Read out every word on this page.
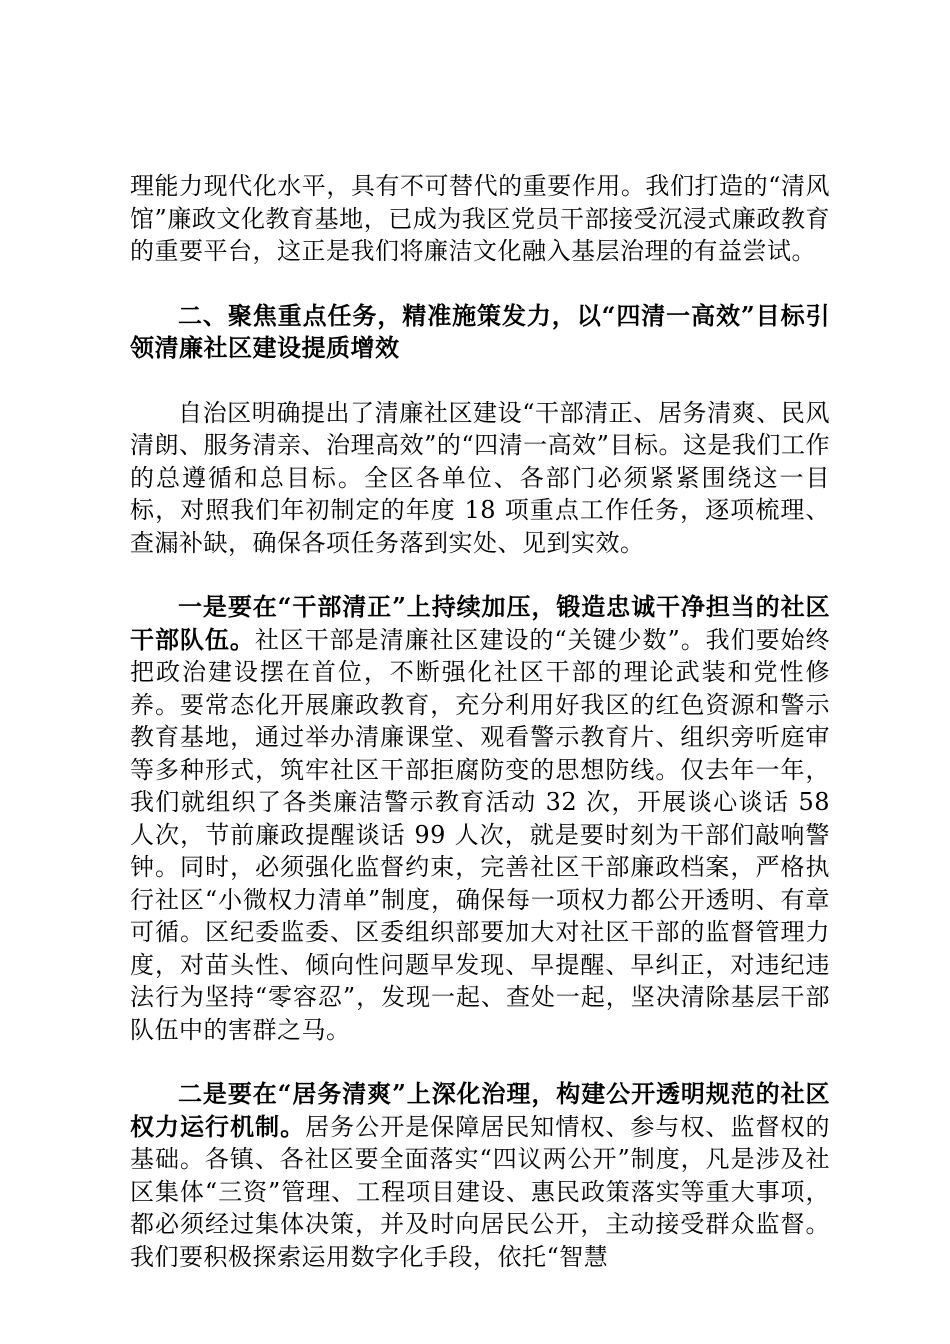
理能力现代化水平，具有不可替代的重要作用。我们打造的“清风馆”廉政文化教育基地，已成为我区党员干部接受沉浸式廉政教育的重要平台，这正是我们将廉洁文化融入基层治理的有益尝试。

二、聚焦重点任务，精准施策发力，以“四清一高效”目标引领清廉社区建设提质增效

自治区明确提出了清廉社区建设“干部清正、居务清爽、民风清朗、服务清亲、治理高效”的“四清一高效”目标。这是我们工作的总遵循和总目标。全区各单位、各部门必须紧紧围绕这一目标，对照我们年初制定的年度 18 项重点工作任务，逐项梳理、查漏补缺，确保各项任务落到实处、见到实效。

一是要在“干部清正”上持续加压，锻造忠诚干净担当的社区干部队伍。社区干部是清廉社区建设的“关键少数”。我们要始终把政治建设摆在首位，不断强化社区干部的理论武装和党性修养。要常态化开展廉政教育，充分利用好我区的红色资源和警示教育基地，通过举办清廉课堂、观看警示教育片、组织旁听庭审等多种形式，筑牢社区干部拒腐防变的思想防线。仅去年一年，我们就组织了各类廉洁警示教育活动 32 次，开展谈心谈话 58 人次，节前廉政提醒谈话 99 人次，就是要时刻为干部们敲响警钟。同时，必须强化监督约束，完善社区干部廉政档案，严格执行社区“小微权力清单”制度，确保每一项权力都公开透明、有章可循。区纪委监委、区委组织部要加大对社区干部的监督管理力度，对苗头性、倾向性问题早发现、早提醒、早纠正，对违纪违法行为坚持“零容忍”，发现一起、查处一起，坚决清除基层干部队伍中的害群之马。

二是要在“居务清爽”上深化治理，构建公开透明规范的社区权力运行机制。居务公开是保障居民知情权、参与权、监督权的基础。各镇、各社区要全面落实“四议两公开”制度，凡是涉及社区集体“三资”管理、工程项目建设、惠民政策落实等重大事项，都必须经过集体决策，并及时向居民公开，主动接受群众监督。我们要积极探索运用数字化手段，依托“智慧
